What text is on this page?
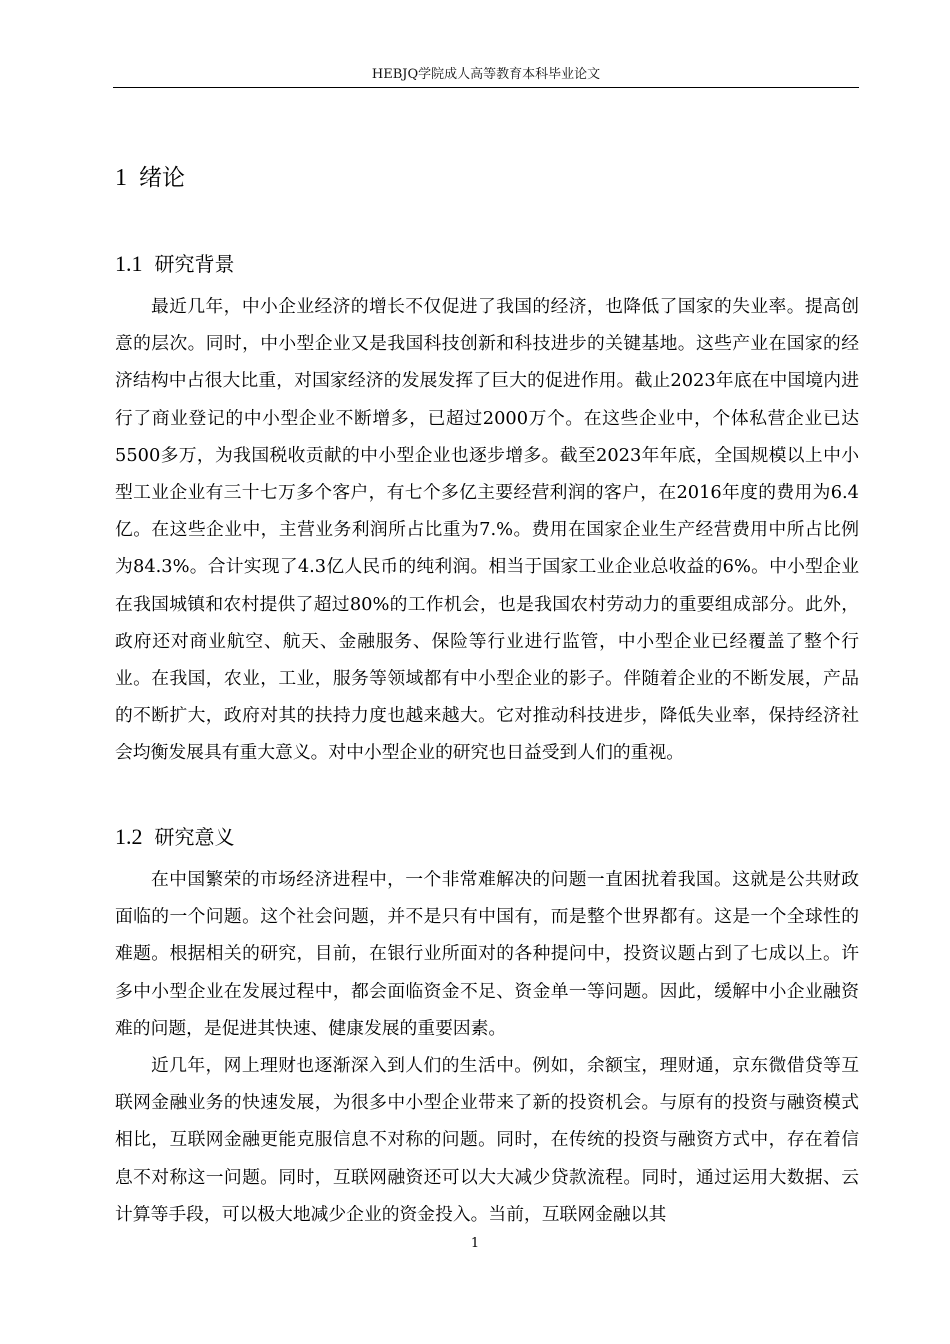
HEBJQ学院成人高等教育本科毕业论文
1 绪论
1.1 研究背景

最近几年，中小企业经济的增长不仅促进了我国的经济，也降低了国家的失业率。提高创意的层次。同时，中小型企业又是我国科技创新和科技进步的关键基地。这些产业在国家的经济结构中占很大比重，对国家经济的发展发挥了巨大的促进作用。截止2023年底在中国境内进行了商业登记的中小型企业不断增多，已超过2000万个。在这些企业中，个体私营企业已达5500多万，为我国税收贡献的中小型企业也逐步增多。截至2023年年底，全国规模以上中小型工业企业有三十七万多个客户，有七个多亿主要经营利润的客户，在2016年度的费用为6.4亿。在这些企业中，主营业务利润所占比重为7.%。费用在国家企业生产经营费用中所占比例为84.3%。合计实现了4.3亿人民币的纯利润。相当于国家工业企业总收益的6%。中小型企业在我国城镇和农村提供了超过80%的工作机会，也是我国农村劳动力的重要组成部分。此外，政府还对商业航空、航天、金融服务、保险等行业进行监管，中小型企业已经覆盖了整个行业。在我国，农业，工业，服务等领域都有中小型企业的影子。伴随着企业的不断发展，产品的不断扩大，政府对其的扶持力度也越来越大。它对推动科技进步，降低失业率，保持经济社会均衡发展具有重大意义。对中小型企业的研究也日益受到人们的重视。

1.2 研究意义

在中国繁荣的市场经济进程中，一个非常难解决的问题一直困扰着我国。这就是公共财政面临的一个问题。这个社会问题，并不是只有中国有，而是整个世界都有。这是一个全球性的难题。根据相关的研究，目前，在银行业所面对的各种提问中，投资议题占到了七成以上。许多中小型企业在发展过程中，都会面临资金不足、资金单一等问题。因此，缓解中小企业融资难的问题，是促进其快速、健康发展的重要因素。

近几年，网上理财也逐渐深入到人们的生活中。例如，余额宝，理财通，京东微借贷等互联网金融业务的快速发展，为很多中小型企业带来了新的投资机会。与原有的投资与融资模式相比，互联网金融更能克服信息不对称的问题。同时，在传统的投资与融资方式中，存在着信息不对称这一问题。同时，互联网融资还可以大大减少贷款流程。同时，通过运用大数据、云计算等手段，可以极大地减少企业的资金投入。当前，互联网金融以其

1
